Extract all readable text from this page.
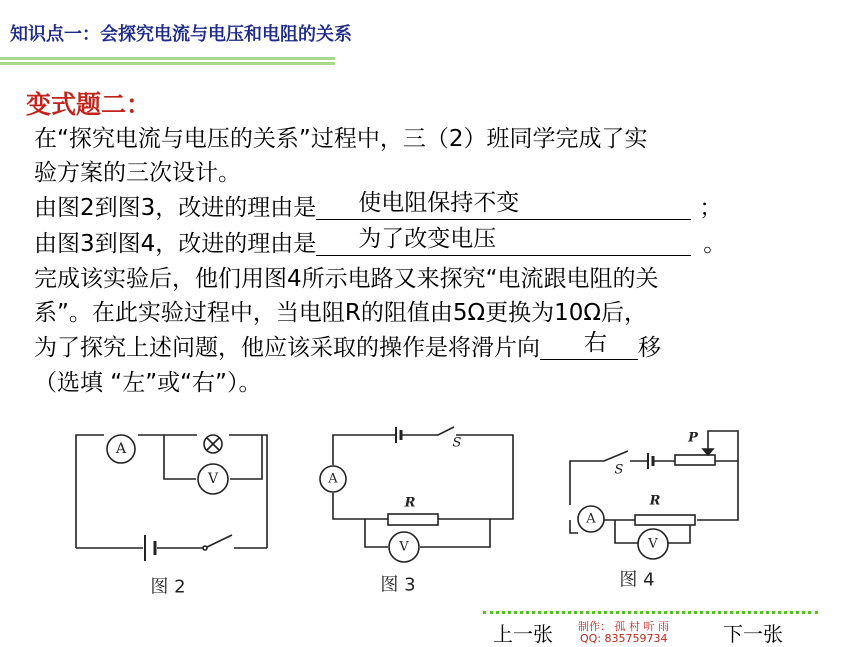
知识点一：会探究电流与电压和电阻的关系
变式题二：
在“探究电流与电压的关系”过程中，三（2）班同学完成了实
验方案的三次设计。
由图2到图3，改进的理由是 使电阻保持不变	；
由图3到图4，改进的理由是 为了改变电压	。
完成该实验后，他们用图4所示电路又来探究“电流跟电阻的关
系”。在此实验过程中，当电阻R的阻值由5Ω更换为10Ω后，
为了探究上述问题，他应该采取的操作是将滑片向 右 移
（选填 “左”或“右”）。
A
V
图 2
A
V
S
R
图 3
A
V
S
R
P
图 4
上一张 制作： 孤 村 听 雨
QQ: 835759734	下一张
